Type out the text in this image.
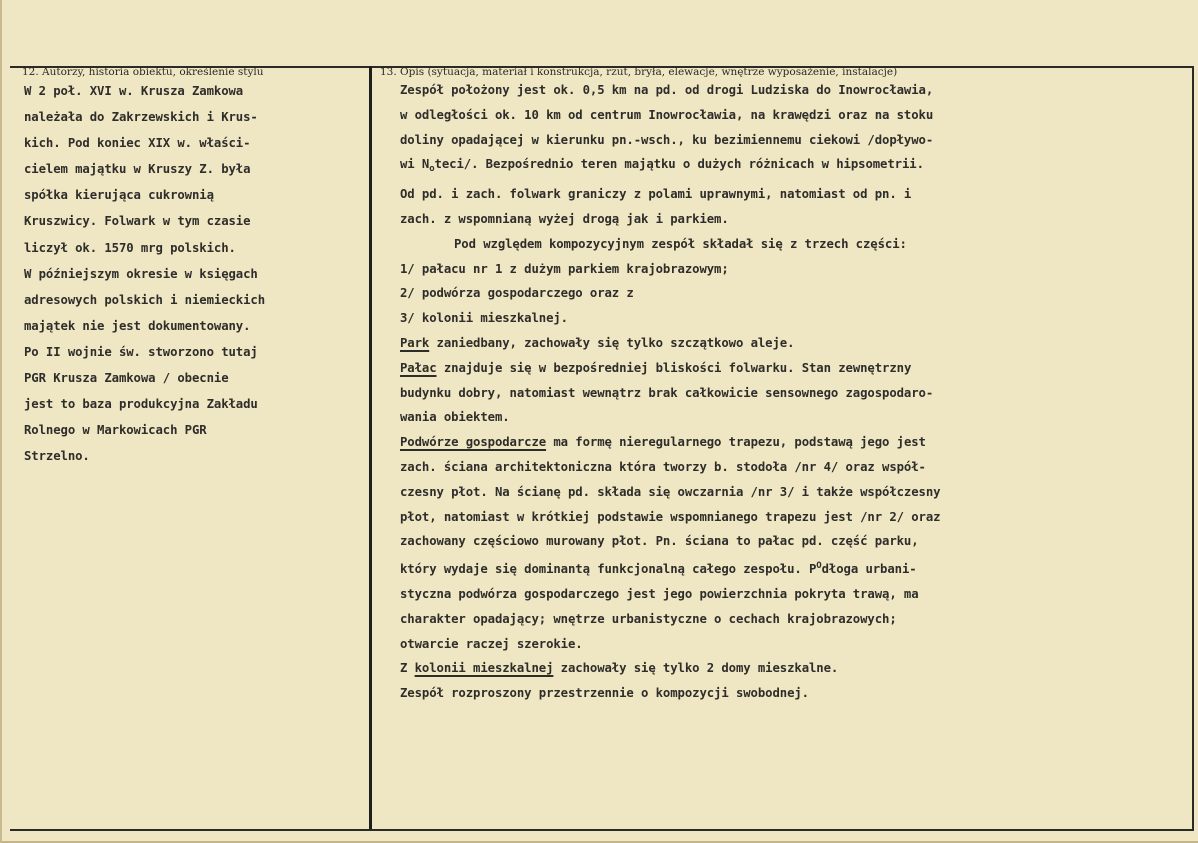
12. Autorzy, historia obiektu, określenie stylu	13. Opis (sytuacja, materiał i konstrukcja, rzut, bryła, elewacje, wnętrze wyposażenie, instalacje)
W 2 poł. XVI w. Krusza Zamkowa
należała do Zakrzewskich i Krus-
kich. Pod koniec XIX w. właści-
cielem majątku w Kruszy Z. była
spółka kierująca cukrownią
Kruszwicy. Folwark w tym czasie
liczył ok. 1570 mrg polskich.
W późniejszym okresie w księgach
adresowych polskich i niemieckich
majątek nie jest dokumentowany.
Po II wojnie św. stworzono tutaj
PGR Krusza Zamkowa / obecnie
jest to baza produkcyjna Zakładu
Rolnego w Markowicach PGR
Strzelno.
Zespół położony jest ok. 0,5 km na pd. od drogi Ludziska do Inowrocławia,
w odległości ok. 10 km od centrum Inowrocławia, na krawędzi oraz na stoku
doliny opadającej w kierunku pn.-wsch., ku bezimiennemu ciekowi /dopływo-
wi $N_oteci/$. Bezpośrednio teren majątku o dużych różnicach w hipsometrii.
Od pd. i zach. folwark graniczy z polami uprawnymi, natomiast od pn. i
zach. z wspomnianą wyżej drogą jak i parkiem.
Pod względem kompozycyjnym zespół składał się z trzech części:
1/ pałacu nr 1 z dużym parkiem krajobrazowym;
2/ podwórza gospodarczego oraz z
3/ kolonii mieszkalnej.
Park zaniedbany, zachowały się tylko szczątkowo aleje.
Pałac znajduje się w bezpośredniej bliskości folwarku. Stan zewnętrzny
budynku dobry, natomiast wewnątrz brak całkowicie sensownego zagospodaro-
wania obiektem.
Podwórze gospodarcze ma formę nieregularnego trapezu, podstawą jego jest
zach. ściana architektoniczna która tworzy b. stodoła /nr 4/ oraz współ-
czesny płot. Na ścianę pd. składa się owczarnia /nr 3/ i także współczesny
płot, natomiast w krótkiej podstawie wspomnianego trapezu jest /nr 2/ oraz
zachowany częściowo murowany płot. Pn. ściana to pałac pd. część parku,
który wydaje się dominantą funkcjonalną całego zespołu. $P^Odłoga$ urbani-
styczna podwórza gospodarczego jest jego powierzchnia pokryta trawą, ma
charakter opadający; wnętrze urbanistyczne o cechach krajobrazowych;
otwarcie raczej szerokie.
Z kolonii mieszkalnej zachowały się tylko 2 domy mieszkalne.
Zespół rozproszony przestrzennie o kompozycji swobodnej.
